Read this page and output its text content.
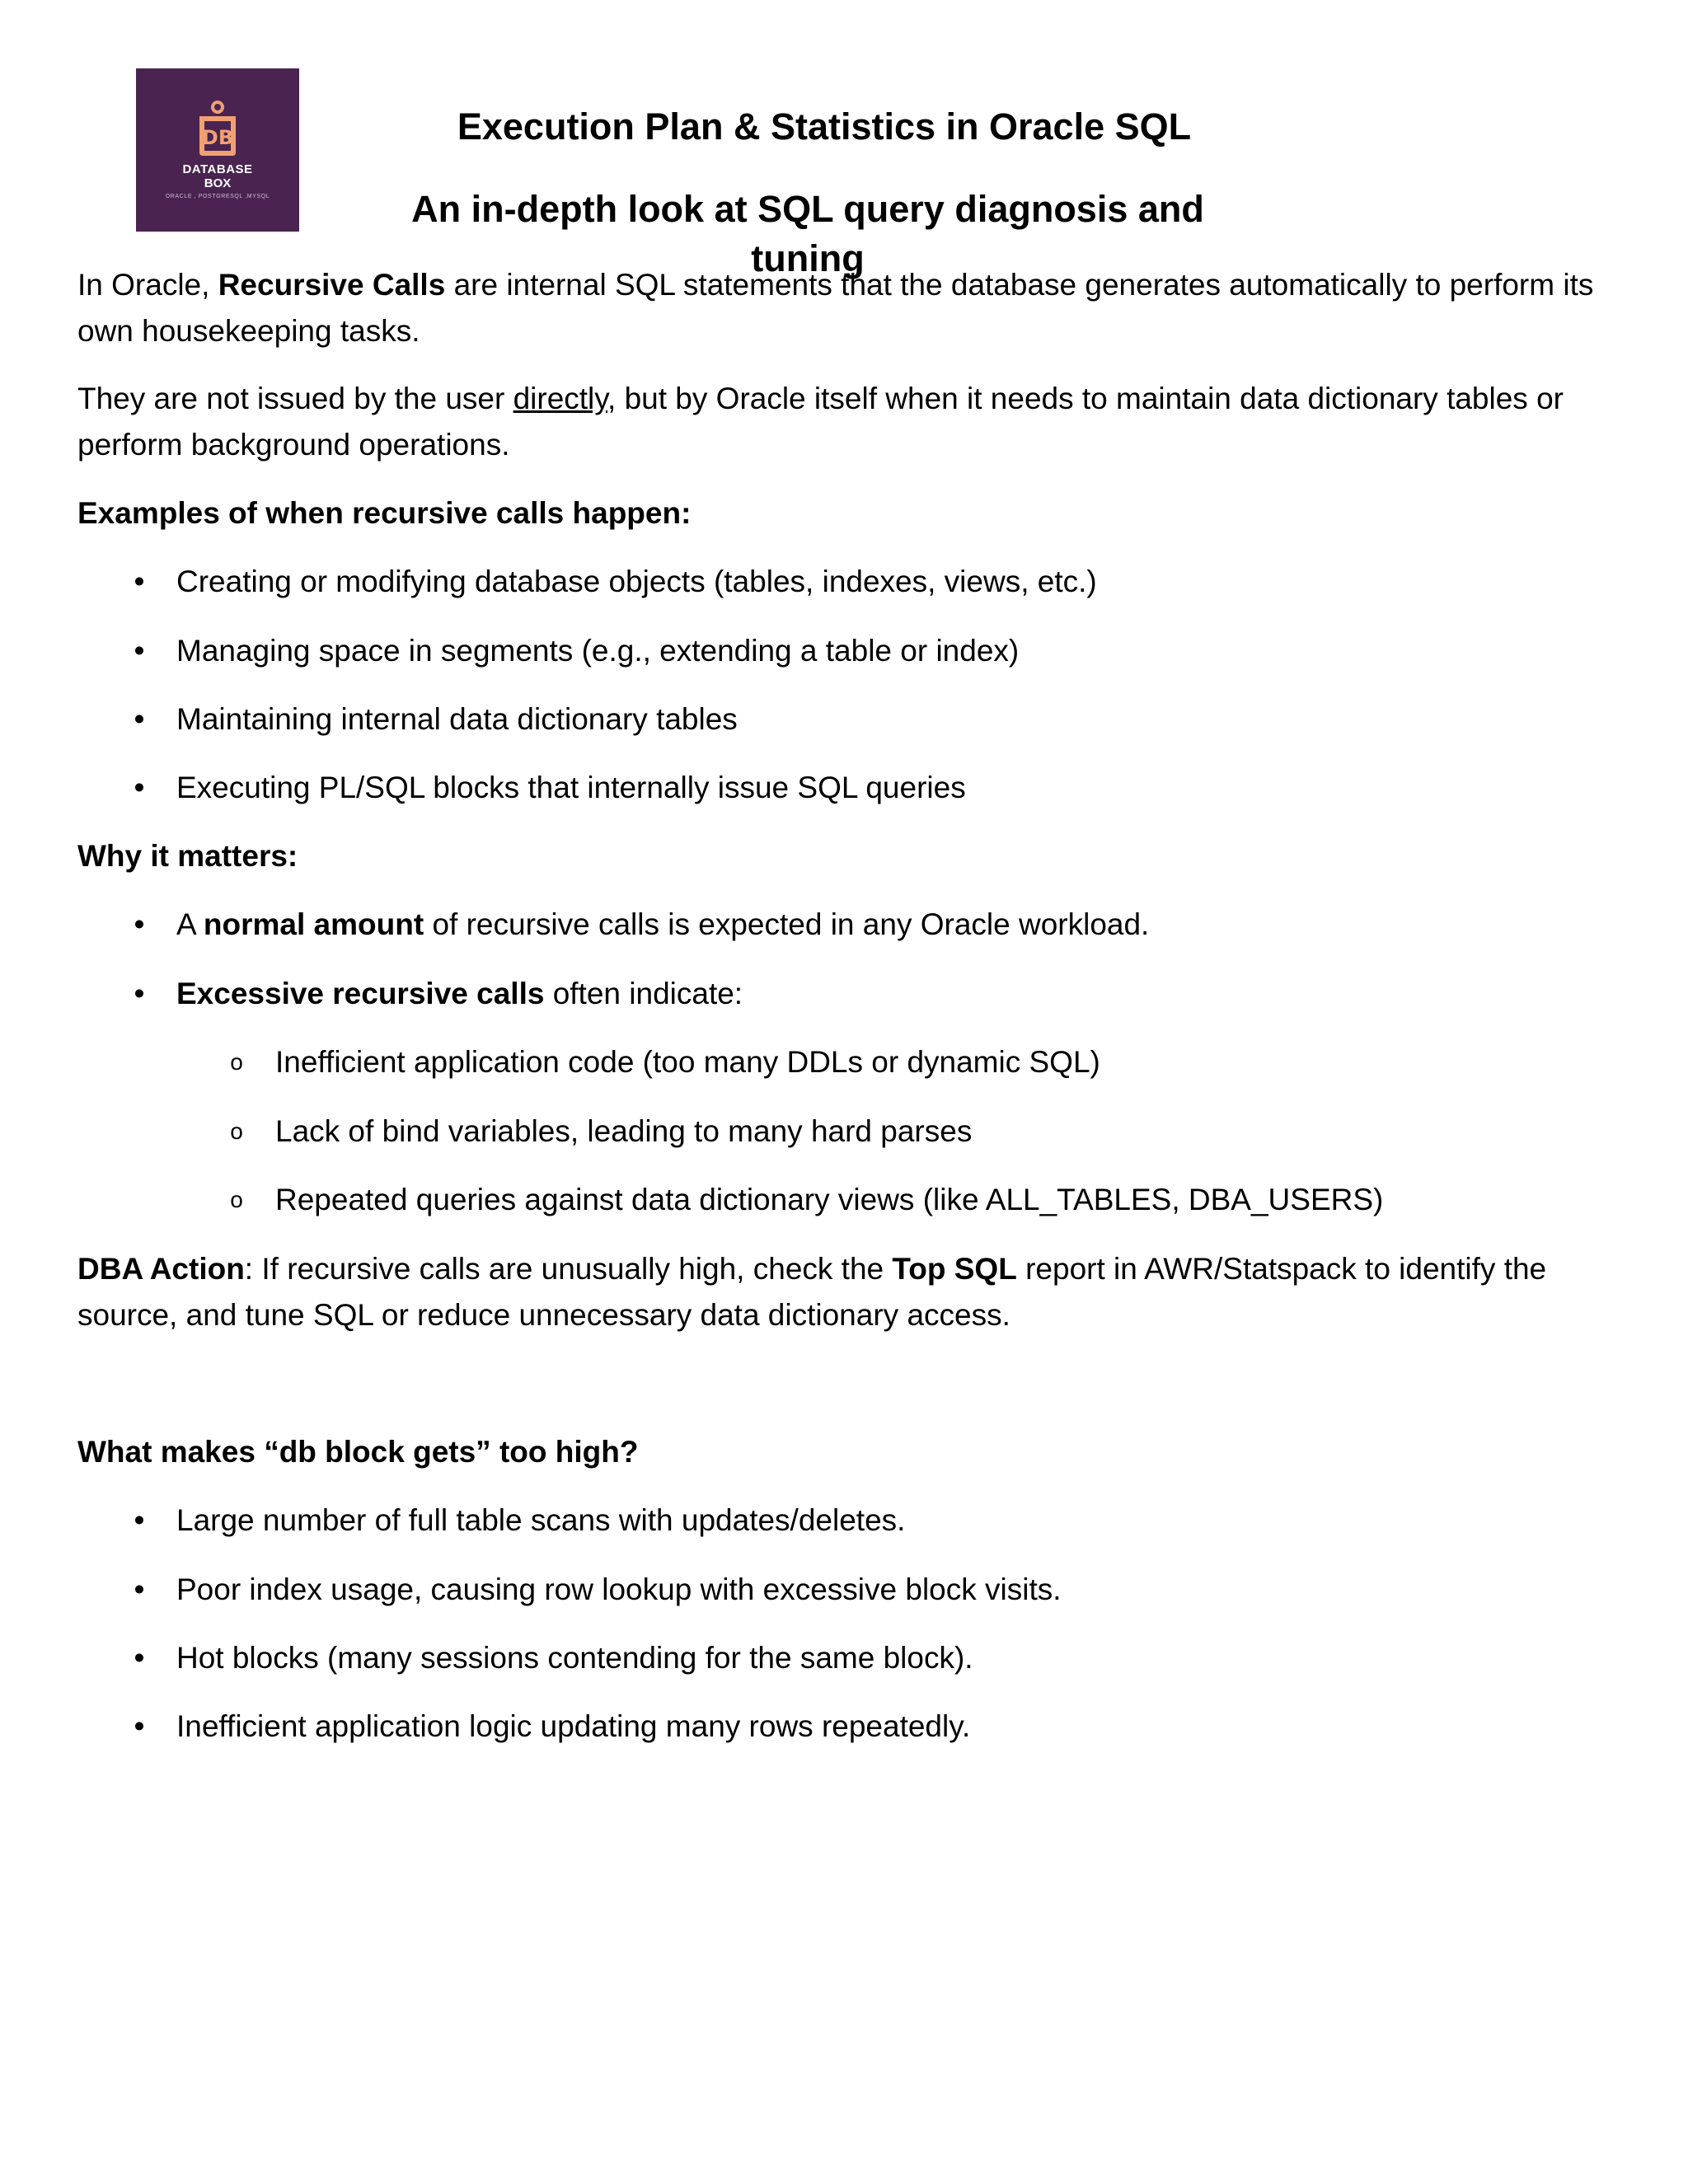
DB
DATABASE
BOX
ORACLE , POSTGRESQL ,MYSQL
Execution Plan & Statistics in Oracle SQL
An in-depth look at SQL query diagnosis and tuning
In Oracle, Recursive Calls are internal SQL statements that the database generates automatically to perform its
own housekeeping tasks.
They are not issued by the user directly, but by Oracle itself when it needs to maintain data dictionary tables or
perform background operations.
Examples of when recursive calls happen:
• Creating or modifying database objects (tables, indexes, views, etc.)
• Managing space in segments (e.g., extending a table or index)
• Maintaining internal data dictionary tables
• Executing PL/SQL blocks that internally issue SQL queries
Why it matters:
• A normal amount of recursive calls is expected in any Oracle workload.
• Excessive recursive calls often indicate:
o Inefficient application code (too many DDLs or dynamic SQL)
o Lack of bind variables, leading to many hard parses
o Repeated queries against data dictionary views (like ALL_TABLES, DBA_USERS)
DBA Action: If recursive calls are unusually high, check the Top SQL report in AWR/Statspack to identify the
source, and tune SQL or reduce unnecessary data dictionary access.
What makes “db block gets” too high?
• Large number of full table scans with updates/deletes.
• Poor index usage, causing row lookup with excessive block visits.
• Hot blocks (many sessions contending for the same block).
• Inefficient application logic updating many rows repeatedly.
